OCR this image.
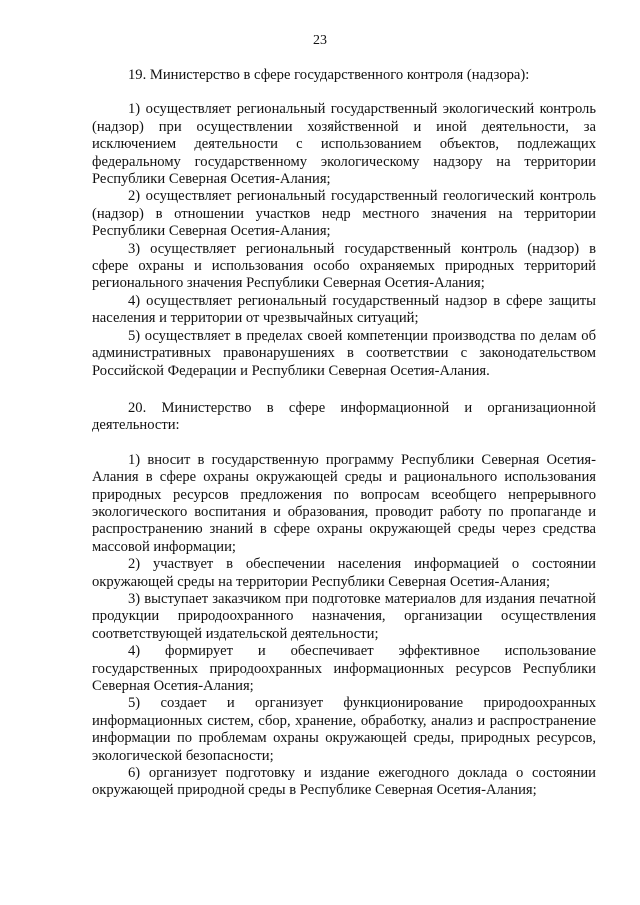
23

19. Министерство в сфере государственного контроля (надзора):

1) осуществляет региональный государственный экологический контроль (надзор) при осуществлении хозяйственной и иной деятельности, за исключением деятельности с использованием объектов, подлежащих федеральному государственному экологическому надзору на территории Республики Северная Осетия-Алания;

2) осуществляет региональный государственный геологический контроль (надзор) в отношении участков недр местного значения на территории Республики Северная Осетия-Алания;

3) осуществляет региональный государственный контроль (надзор) в сфере охраны и использования особо охраняемых природных территорий регионального значения Республики Северная Осетия-Алания;

4) осуществляет региональный государственный надзор в сфере защиты населения и территории от чрезвычайных ситуаций;

5) осуществляет в пределах своей компетенции производства по делам об административных правонарушениях в соответствии с законодательством Российской Федерации и Республики Северная Осетия-Алания.

20. Министерство в сфере информационной и организационной деятельности:

1) вносит в государственную программу Республики Северная Осетия-Алания в сфере охраны окружающей среды и рационального использования природных ресурсов предложения по вопросам всеобщего непрерывного экологического воспитания и образования, проводит работу по пропаганде и распространению знаний в сфере охраны окружающей среды через средства массовой информации;

2) участвует в обеспечении населения информацией о состоянии окружающей среды на территории Республики Северная Осетия-Алания;

3) выступает заказчиком при подготовке материалов для издания печатной продукции природоохранного назначения, организации осуществления соответствующей издательской деятельности;

4) формирует и обеспечивает эффективное использование государственных природоохранных информационных ресурсов Республики Северная Осетия-Алания;

5) создает и организует функционирование природоохранных информационных систем, сбор, хранение, обработку, анализ и распространение информации по проблемам охраны окружающей среды, природных ресурсов, экологической безопасности;

6) организует подготовку и издание ежегодного доклада о состоянии окружающей природной среды в Республике Северная Осетия-Алания;
